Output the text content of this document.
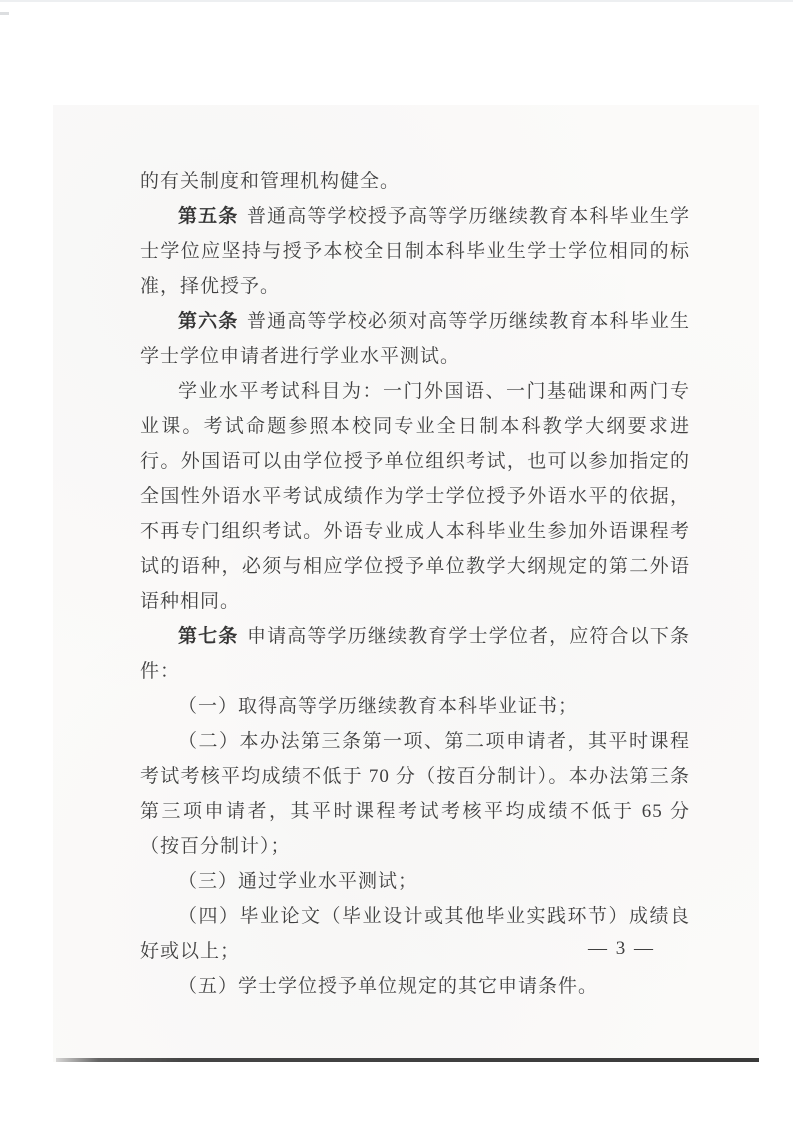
的有关制度和管理机构健全。

第五条 普通高等学校授予高等学历继续教育本科毕业生学士学位应坚持与授予本校全日制本科毕业生学士学位相同的标准，择优授予。

第六条 普通高等学校必须对高等学历继续教育本科毕业生学士学位申请者进行学业水平测试。

学业水平考试科目为：一门外国语、一门基础课和两门专业课。考试命题参照本校同专业全日制本科教学大纲要求进行。外国语可以由学位授予单位组织考试，也可以参加指定的全国性外语水平考试成绩作为学士学位授予外语水平的依据，不再专门组织考试。外语专业成人本科毕业生参加外语课程考试的语种，必须与相应学位授予单位教学大纲规定的第二外语语种相同。

第七条 申请高等学历继续教育学士学位者，应符合以下条件：

（一）取得高等学历继续教育本科毕业证书；

（二）本办法第三条第一项、第二项申请者，其平时课程考试考核平均成绩不低于 70 分（按百分制计）。本办法第三条第三项申请者，其平时课程考试考核平均成绩不低于 65 分（按百分制计）；

（三）通过学业水平测试；

（四）毕业论文（毕业设计或其他毕业实践环节）成绩良好或以上；

（五）学士学位授予单位规定的其它申请条件。

— 3 —
